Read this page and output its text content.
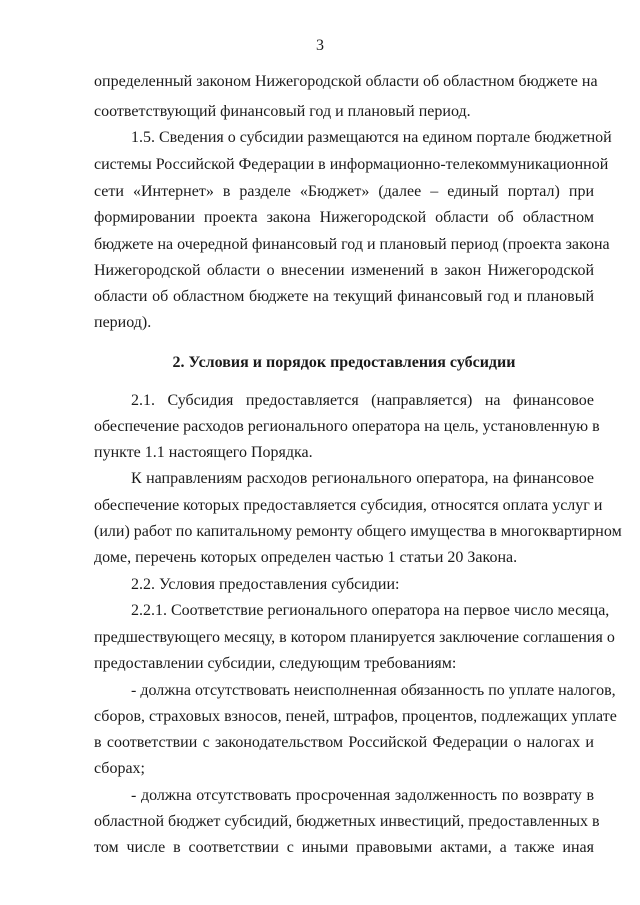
3
определенный законом Нижегородской области об областном бюджете на
соответствующий финансовый год и плановый период.
1.5. Сведения о субсидии размещаются на едином портале бюджетной
системы Российской Федерации в информационно-телекоммуникационной
сети «Интернет» в разделе «Бюджет» (далее – единый портал) при
формировании проекта закона Нижегородской области об областном
бюджете на очередной финансовый год и плановый период (проекта закона
Нижегородской области о внесении изменений в закон Нижегородской
области об областном бюджете на текущий финансовый год и плановый
период).
2. Условия и порядок предоставления субсидии
2.1. Субсидия предоставляется (направляется) на финансовое
обеспечение расходов регионального оператора на цель, установленную в
пункте 1.1 настоящего Порядка.
К направлениям расходов регионального оператора, на финансовое
обеспечение которых предоставляется субсидия, относятся оплата услуг и
(или) работ по капитальному ремонту общего имущества в многоквартирном
доме, перечень которых определен частью 1 статьи 20 Закона.
2.2. Условия предоставления субсидии:
2.2.1. Соответствие регионального оператора на первое число месяца,
предшествующего месяцу, в котором планируется заключение соглашения о
предоставлении субсидии, следующим требованиям:
- должна отсутствовать неисполненная обязанность по уплате налогов,
сборов, страховых взносов, пеней, штрафов, процентов, подлежащих уплате
в соответствии с законодательством Российской Федерации о налогах и
сборах;
- должна отсутствовать просроченная задолженность по возврату в
областной бюджет субсидий, бюджетных инвестиций, предоставленных в
том числе в соответствии с иными правовыми актами, а также иная
